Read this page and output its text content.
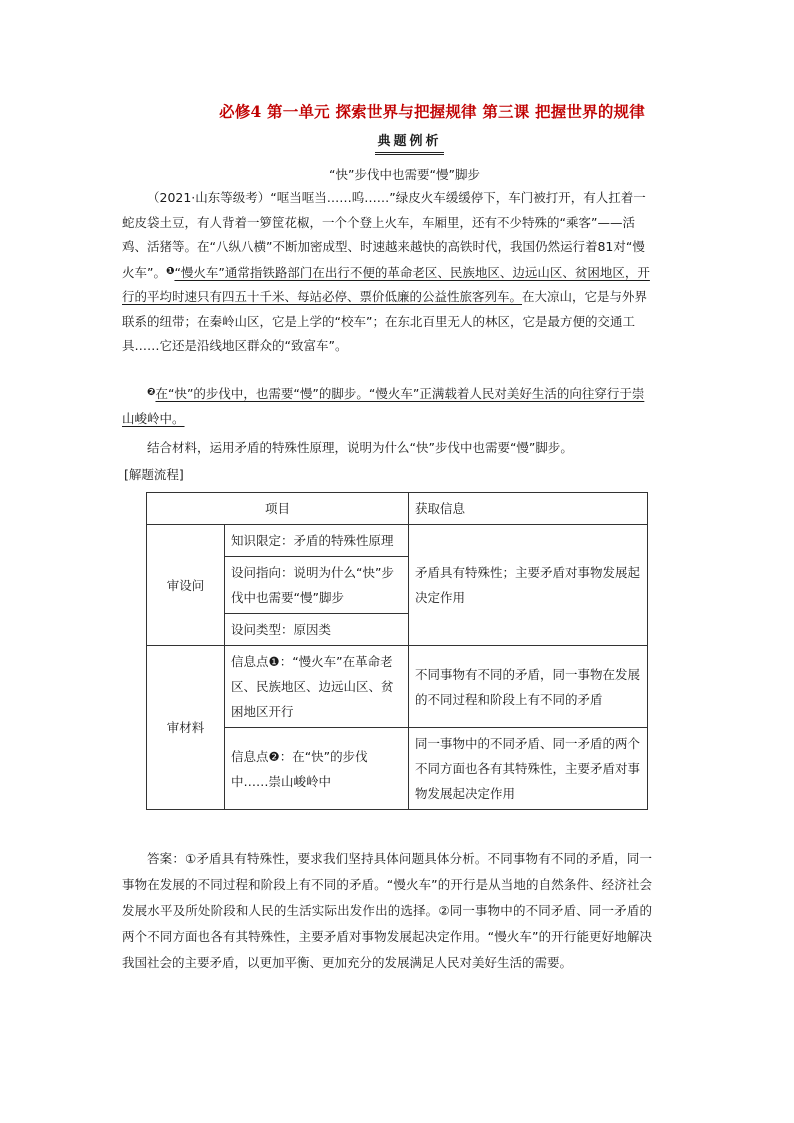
必修4 第一单元 探索世界与把握规律 第三课 把握世界的规律
典题例析
“快”步伐中也需要“慢”脚步
（2021·山东等级考）“哐当哐当……呜……”绿皮火车缓缓停下，车门被打开，有人扛着一蛇皮袋土豆，有人背着一箩筐花椒，一个个登上火车，车厢里，还有不少特殊的“乘客”——活鸡、活猪等。在“八纵八横”不断加密成型、时速越来越快的高铁时代，我国仍然运行着81对“慢火车”。$^❶$“慢火车”通常指铁路部门在出行不便的革命老区、民族地区、边远山区、贫困地区，开行的平均时速只有四五十千米、每站必停、票价低廉的公益性旅客列车。在大凉山，它是与外界联系的纽带；在秦岭山区，它是上学的“校车”；在东北百里无人的林区，它是最方便的交通工具……它还是沿线地区群众的“致富车”。
$^❷$在“快”的步伐中，也需要“慢”的脚步。“慢火车”正满载着人民对美好生活的向往穿行于崇山峻岭中。
结合材料，运用矛盾的特殊性原理，说明为什么“快”步伐中也需要“慢”脚步。
[解题流程]
项目		获取信息
审设问	知识限定：矛盾的特殊性原理	矛盾具有特殊性；主要矛盾对事物发展起决定作用
	设问指向：说明为什么“快”步伐中也需要“慢”脚步	
	设问类型：原因类	
审材料	信息点❶：“慢火车”在革命老区、民族地区、边远山区、贫困地区开行	不同事物有不同的矛盾，同一事物在发展的不同过程和阶段上有不同的矛盾
	信息点❷：在“快”的步伐中……崇山峻岭中	同一事物中的不同矛盾、同一矛盾的两个不同方面也各有其特殊性，主要矛盾对事物发展起决定作用
答案：①矛盾具有特殊性，要求我们坚持具体问题具体分析。不同事物有不同的矛盾，同一事物在发展的不同过程和阶段上有不同的矛盾。“慢火车”的开行是从当地的自然条件、经济社会发展水平及所处阶段和人民的生活实际出发作出的选择。②同一事物中的不同矛盾、同一矛盾的两个不同方面也各有其特殊性，主要矛盾对事物发展起决定作用。“慢火车”的开行能更好地解决我国社会的主要矛盾，以更加平衡、更加充分的发展满足人民对美好生活的需要。
